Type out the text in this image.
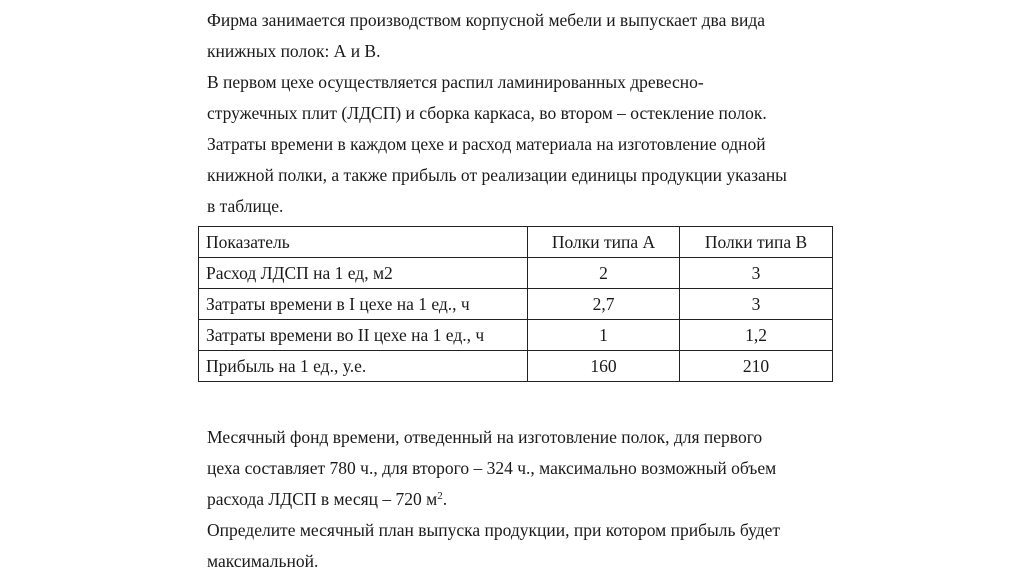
Фирма занимается производством корпусной мебели и выпускает два вида
книжных полок: А и В.
В первом цехе осуществляется распил ламинированных древесно-
стружечных плит (ЛДСП) и сборка каркаса, во втором – остекление полок.
Затраты времени в каждом цехе и расход материала на изготовление одной
книжной полки, а также прибыль от реализации единицы продукции указаны
в таблице.

Показатель	Полки типа А	Полки типа В
Расход ЛДСП на 1 ед, м2	2	3
Затраты времени в I цехе на 1 ед., ч	2,7	3
Затраты времени во II цехе на 1 ед., ч	1	1,2
Прибыль на 1 ед., у.е.	160	210

Месячный фонд времени, отведенный на изготовление полок, для первого
цеха составляет 780 ч., для второго – 324 ч., максимально возможный объем
расхода ЛДСП в месяц – 720 $м^2$.
Определите месячный план выпуска продукции, при котором прибыль будет
максимальной.
